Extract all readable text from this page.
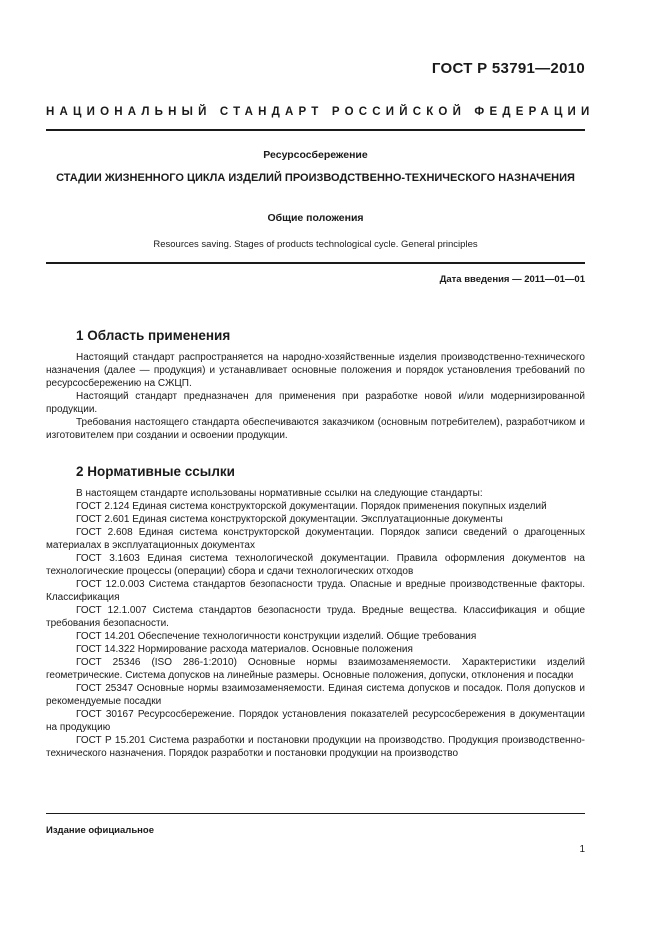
ГОСТ Р 53791—2010
НАЦИОНАЛЬНЫЙ СТАНДАРТ РОССИЙСКОЙ ФЕДЕРАЦИИ
Ресурсосбережение
СТАДИИ ЖИЗНЕННОГО ЦИКЛА ИЗДЕЛИЙ ПРОИЗВОДСТВЕННО-ТЕХНИЧЕСКОГО НАЗНАЧЕНИЯ
Общие положения
Resources saving. Stages of products technological cycle. General principles
Дата введения — 2011—01—01
1 Область применения

Настоящий стандарт распространяется на народно-хозяйственные изделия производственно-технического назначения (далее — продукция) и устанавливает основные положения и порядок установления требований по ресурсосбережению на СЖЦП.

Настоящий стандарт предназначен для применения при разработке новой и/или модернизированной продукции.

Требования настоящего стандарта обеспечиваются заказчиком (основным потребителем), разработчиком и изготовителем при создании и освоении продукции.

2 Нормативные ссылки

В настоящем стандарте использованы нормативные ссылки на следующие стандарты:

ГОСТ 2.124 Единая система конструкторской документации. Порядок применения покупных изделий

ГОСТ 2.601 Единая система конструкторской документации. Эксплуатационные документы

ГОСТ 2.608 Единая система конструкторской документации. Порядок записи сведений о драгоценных материалах в эксплуатационных документах

ГОСТ 3.1603 Единая система технологической документации. Правила оформления документов на технологические процессы (операции) сбора и сдачи технологических отходов

ГОСТ 12.0.003 Система стандартов безопасности труда. Опасные и вредные производственные факторы. Классификация

ГОСТ 12.1.007 Система стандартов безопасности труда. Вредные вещества. Классификация и общие требования безопасности.

ГОСТ 14.201 Обеспечение технологичности конструкции изделий. Общие требования

ГОСТ 14.322 Нормирование расхода материалов. Основные положения

ГОСТ 25346 (ISO 286-1:2010) Основные нормы взаимозаменяемости. Характеристики изделий геометрические. Система допусков на линейные размеры. Основные положения, допуски, отклонения и посадки

ГОСТ 25347 Основные нормы взаимозаменяемости. Единая система допусков и посадок. Поля допусков и рекомендуемые посадки

ГОСТ 30167 Ресурсосбережение. Порядок установления показателей ресурсосбережения в документации на продукцию

ГОСТ Р 15.201 Система разработки и постановки продукции на производство. Продукция производственно-технического назначения. Порядок разработки и постановки продукции на производство

Издание официальное
1
